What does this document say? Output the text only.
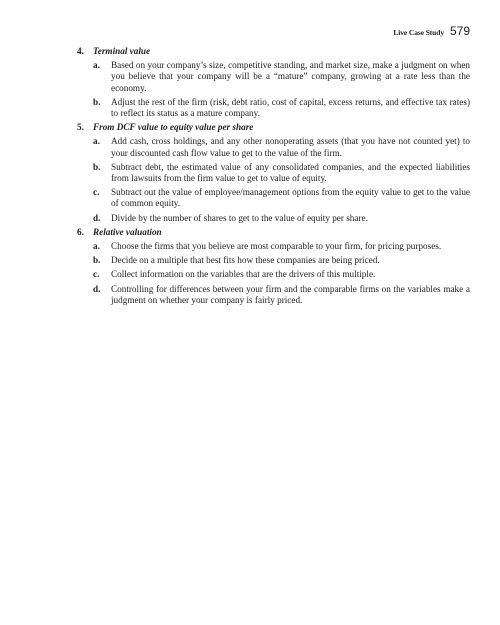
Live Case Study 579
4. Terminal value
a. Based on your company’s size, competitive standing, and market size, make a judgment on when you believe that your company will be a “mature” company, growing at a rate less than the economy.
b. Adjust the rest of the firm (risk, debt ratio, cost of capital, excess returns, and effective tax rates) to reflect its status as a mature company.
5. From DCF value to equity value per share
a. Add cash, cross holdings, and any other nonoperating assets (that you have not counted yet) to your discounted cash flow value to get to the value of the firm.
b. Subtract debt, the estimated value of any consolidated companies, and the expected liabilities from lawsuits from the firm value to get to value of equity.
c. Subtract out the value of employee/management options from the equity value to get to the value of common equity.
d. Divide by the number of shares to get to the value of equity per share.
6. Relative valuation
a. Choose the firms that you believe are most comparable to your firm, for pricing purposes.
b. Decide on a multiple that best fits how these companies are being priced.
c. Collect information on the variables that are the drivers of this multiple.
d. Controlling for differences between your firm and the comparable firms on the variables make a judgment on whether your company is fairly priced.
